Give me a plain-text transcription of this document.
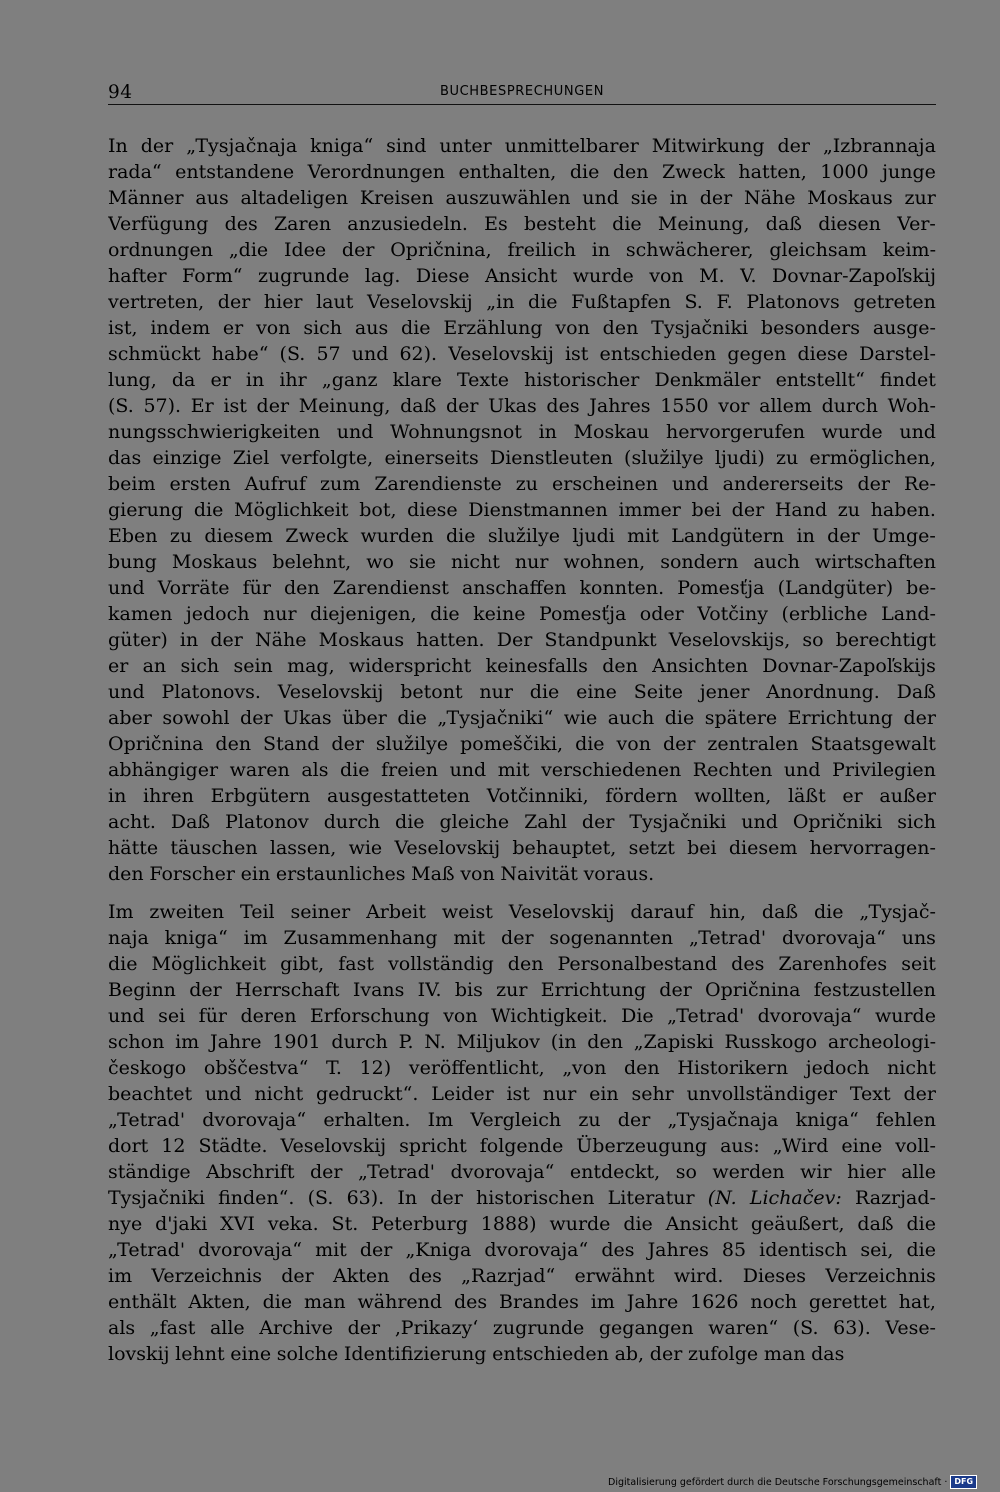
94	BUCHBESPRECHUNGEN
In der „Tysjačnaja kniga“ sind unter unmittelbarer Mitwirkung der „Izbrannaja
rada“ entstandene Verordnungen enthalten, die den Zweck hatten, 1000 junge
Männer aus altadeligen Kreisen auszuwählen und sie in der Nähe Moskaus zur
Verfügung des Zaren anzusiedeln. Es besteht die Meinung, daß diesen Ver-
ordnungen „die Idee der Opričnina, freilich in schwächerer, gleichsam keim-
hafter Form“ zugrunde lag. Diese Ansicht wurde von M. V. Dovnar-Zapoľskij
vertreten, der hier laut Veselovskij „in die Fußtapfen S. F. Platonovs getreten
ist, indem er von sich aus die Erzählung von den Tysjačniki besonders ausge-
schmückt habe“ (S. 57 und 62). Veselovskij ist entschieden gegen diese Darstel-
lung, da er in ihr „ganz klare Texte historischer Denkmäler entstellt“ findet
(S. 57). Er ist der Meinung, daß der Ukas des Jahres 1550 vor allem durch Woh-
nungsschwierigkeiten und Wohnungsnot in Moskau hervorgerufen wurde und
das einzige Ziel verfolgte, einerseits Dienstleuten (služilye ljudi) zu ermöglichen,
beim ersten Aufruf zum Zarendienste zu erscheinen und andererseits der Re-
gierung die Möglichkeit bot, diese Dienstmannen immer bei der Hand zu haben.
Eben zu diesem Zweck wurden die služilye ljudi mit Landgütern in der Umge-
bung Moskaus belehnt, wo sie nicht nur wohnen, sondern auch wirtschaften
und Vorräte für den Zarendienst anschaffen konnten. Pomesťja (Landgüter) be-
kamen jedoch nur diejenigen, die keine Pomesťja oder Votčiny (erbliche Land-
güter) in der Nähe Moskaus hatten. Der Standpunkt Veselovskijs, so berechtigt
er an sich sein mag, widerspricht keinesfalls den Ansichten Dovnar-Zapoľskijs
und Platonovs. Veselovskij betont nur die eine Seite jener Anordnung. Daß
aber sowohl der Ukas über die „Tysjačniki“ wie auch die spätere Errichtung der
Opričnina den Stand der služilye pomeščiki, die von der zentralen Staatsgewalt
abhängiger waren als die freien und mit verschiedenen Rechten und Privilegien
in ihren Erbgütern ausgestatteten Votčinniki, fördern wollten, läßt er außer
acht. Daß Platonov durch die gleiche Zahl der Tysjačniki und Opričniki sich
hätte täuschen lassen, wie Veselovskij behauptet, setzt bei diesem hervorragen-
den Forscher ein erstaunliches Maß von Naivität voraus.
Im zweiten Teil seiner Arbeit weist Veselovskij darauf hin, daß die „Tysjač-
naja kniga“ im Zusammenhang mit der sogenannten „Tetrad' dvorovaja“ uns
die Möglichkeit gibt, fast vollständig den Personalbestand des Zarenhofes seit
Beginn der Herrschaft Ivans IV. bis zur Errichtung der Opričnina festzustellen
und sei für deren Erforschung von Wichtigkeit. Die „Tetrad' dvorovaja“ wurde
schon im Jahre 1901 durch P. N. Miljukov (in den „Zapiski Russkogo archeologi-
českogo obščestva“ T. 12) veröffentlicht, „von den Historikern jedoch nicht
beachtet und nicht gedruckt“. Leider ist nur ein sehr unvollständiger Text der
„Tetrad' dvorovaja“ erhalten. Im Vergleich zu der „Tysjačnaja kniga“ fehlen
dort 12 Städte. Veselovskij spricht folgende Überzeugung aus: „Wird eine voll-
ständige Abschrift der „Tetrad' dvorovaja“ entdeckt, so werden wir hier alle
Tysjačniki finden“. (S. 63). In der historischen Literatur (N. Lichačev: Razrjad-
nye d'jaki XVI veka. St. Peterburg 1888) wurde die Ansicht geäußert, daß die
„Tetrad' dvorovaja“ mit der „Kniga dvorovaja“ des Jahres 85 identisch sei, die
im Verzeichnis der Akten des „Razrjad“ erwähnt wird. Dieses Verzeichnis
enthält Akten, die man während des Brandes im Jahre 1626 noch gerettet hat,
als „fast alle Archive der ‚Prikazy‘ zugrunde gegangen waren“ (S. 63). Vese-
lovskij lehnt eine solche Identifizierung entschieden ab, der zufolge man das
Digitalisierung gefördert durch die Deutsche Forschungsgemeinschaft · DFG
